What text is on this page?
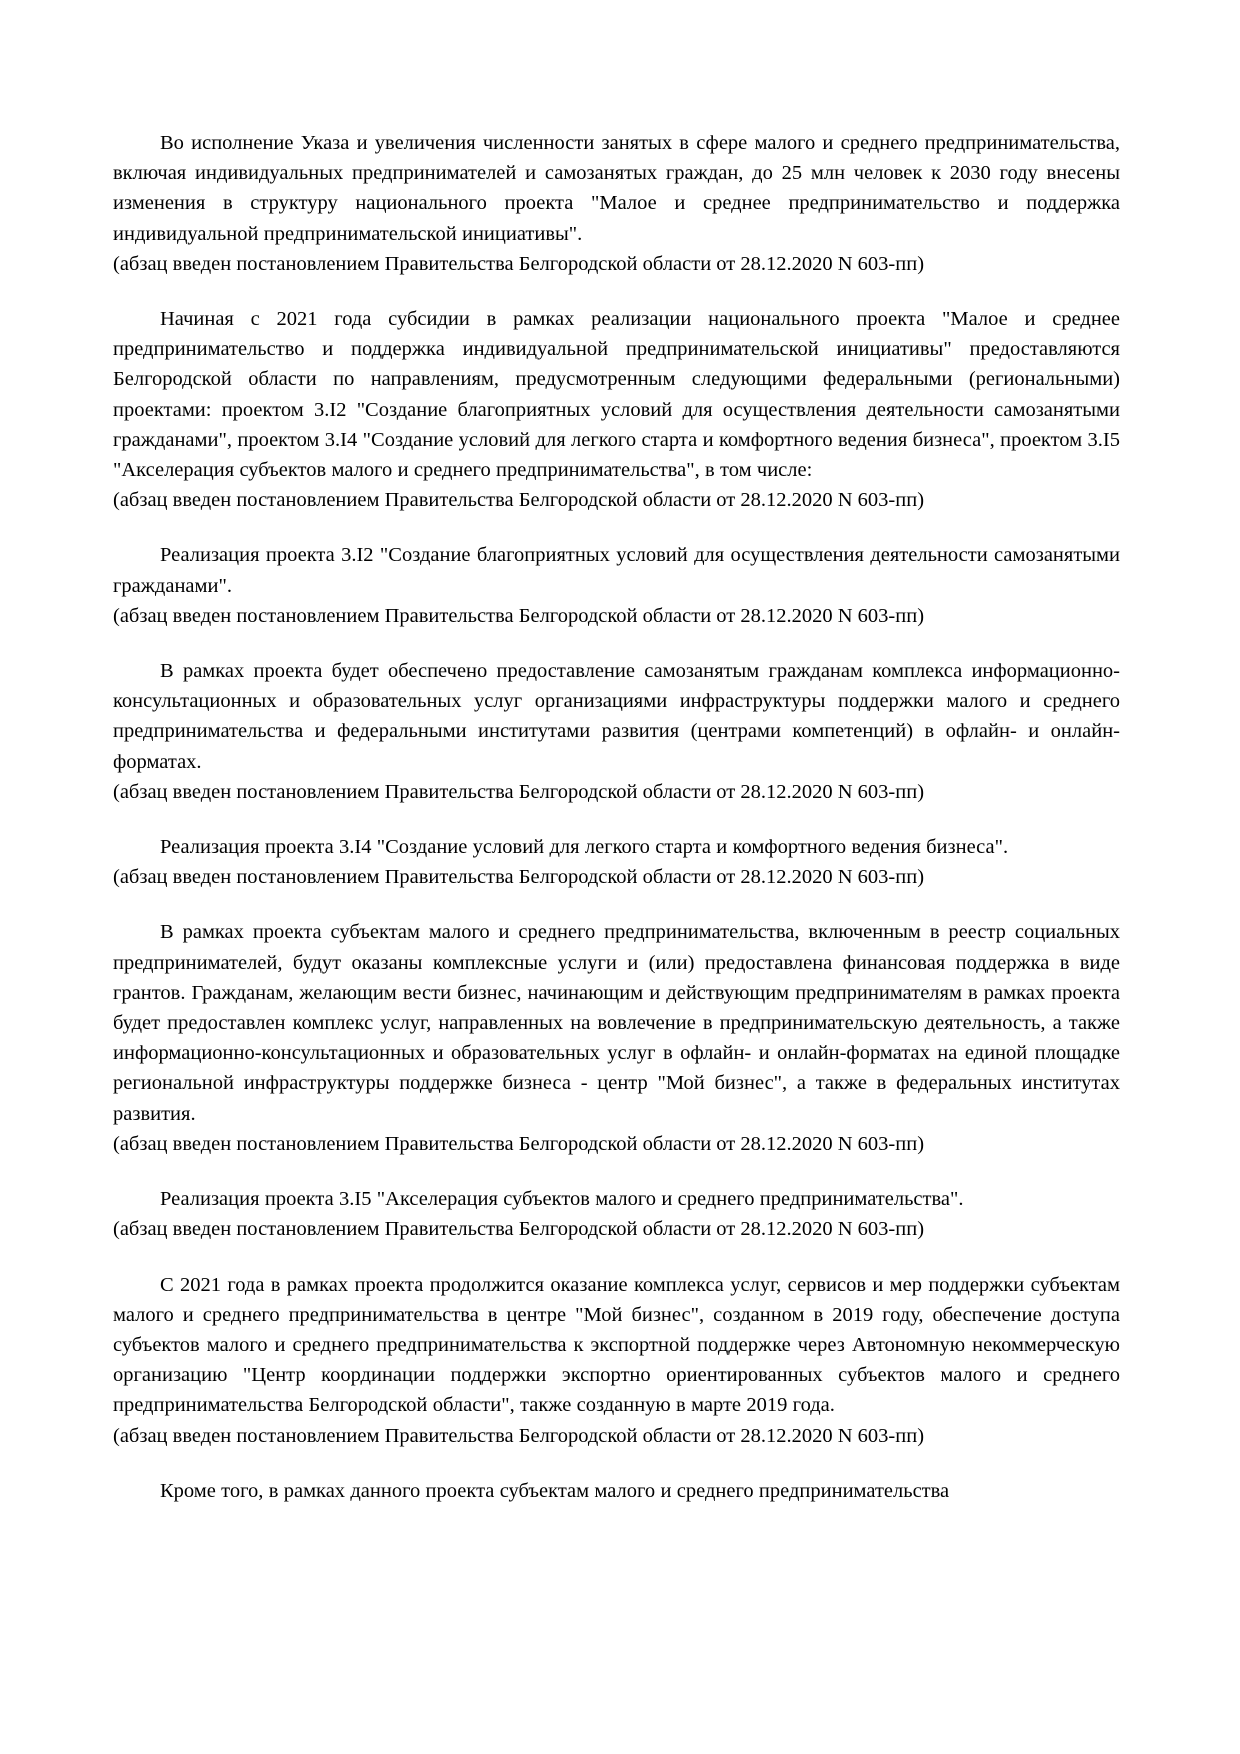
Во исполнение Указа и увеличения численности занятых в сфере малого и среднего предпринимательства, включая индивидуальных предпринимателей и самозанятых граждан, до 25 млн человек к 2030 году внесены изменения в структуру национального проекта "Малое и среднее предпринимательство и поддержка индивидуальной предпринимательской инициативы".

(абзац введен постановлением Правительства Белгородской области от 28.12.2020 N 603-пп)

Начиная с 2021 года субсидии в рамках реализации национального проекта "Малое и среднее предпринимательство и поддержка индивидуальной предпринимательской инициативы" предоставляются Белгородской области по направлениям, предусмотренным следующими федеральными (региональными) проектами: проектом 3.I2 "Создание благоприятных условий для осуществления деятельности самозанятыми гражданами", проектом 3.I4 "Создание условий для легкого старта и комфортного ведения бизнеса", проектом 3.I5 "Акселерация субъектов малого и среднего предпринимательства", в том числе:

(абзац введен постановлением Правительства Белгородской области от 28.12.2020 N 603-пп)

Реализация проекта 3.I2 "Создание благоприятных условий для осуществления деятельности самозанятыми гражданами".

(абзац введен постановлением Правительства Белгородской области от 28.12.2020 N 603-пп)

В рамках проекта будет обеспечено предоставление самозанятым гражданам комплекса информационно-консультационных и образовательных услуг организациями инфраструктуры поддержки малого и среднего предпринимательства и федеральными институтами развития (центрами компетенций) в офлайн- и онлайн-форматах.

(абзац введен постановлением Правительства Белгородской области от 28.12.2020 N 603-пп)

Реализация проекта 3.I4 "Создание условий для легкого старта и комфортного ведения бизнеса".

(абзац введен постановлением Правительства Белгородской области от 28.12.2020 N 603-пп)

В рамках проекта субъектам малого и среднего предпринимательства, включенным в реестр социальных предпринимателей, будут оказаны комплексные услуги и (или) предоставлена финансовая поддержка в виде грантов. Гражданам, желающим вести бизнес, начинающим и действующим предпринимателям в рамках проекта будет предоставлен комплекс услуг, направленных на вовлечение в предпринимательскую деятельность, а также информационно-консультационных и образовательных услуг в офлайн- и онлайн-форматах на единой площадке региональной инфраструктуры поддержке бизнеса - центр "Мой бизнес", а также в федеральных институтах развития.

(абзац введен постановлением Правительства Белгородской области от 28.12.2020 N 603-пп)

Реализация проекта 3.I5 "Акселерация субъектов малого и среднего предпринимательства".

(абзац введен постановлением Правительства Белгородской области от 28.12.2020 N 603-пп)

С 2021 года в рамках проекта продолжится оказание комплекса услуг, сервисов и мер поддержки субъектам малого и среднего предпринимательства в центре "Мой бизнес", созданном в 2019 году, обеспечение доступа субъектов малого и среднего предпринимательства к экспортной поддержке через Автономную некоммерческую организацию "Центр координации поддержки экспортно ориентированных субъектов малого и среднего предпринимательства Белгородской области", также созданную в марте 2019 года.

(абзац введен постановлением Правительства Белгородской области от 28.12.2020 N 603-пп)

Кроме того, в рамках данного проекта субъектам малого и среднего предпринимательства
